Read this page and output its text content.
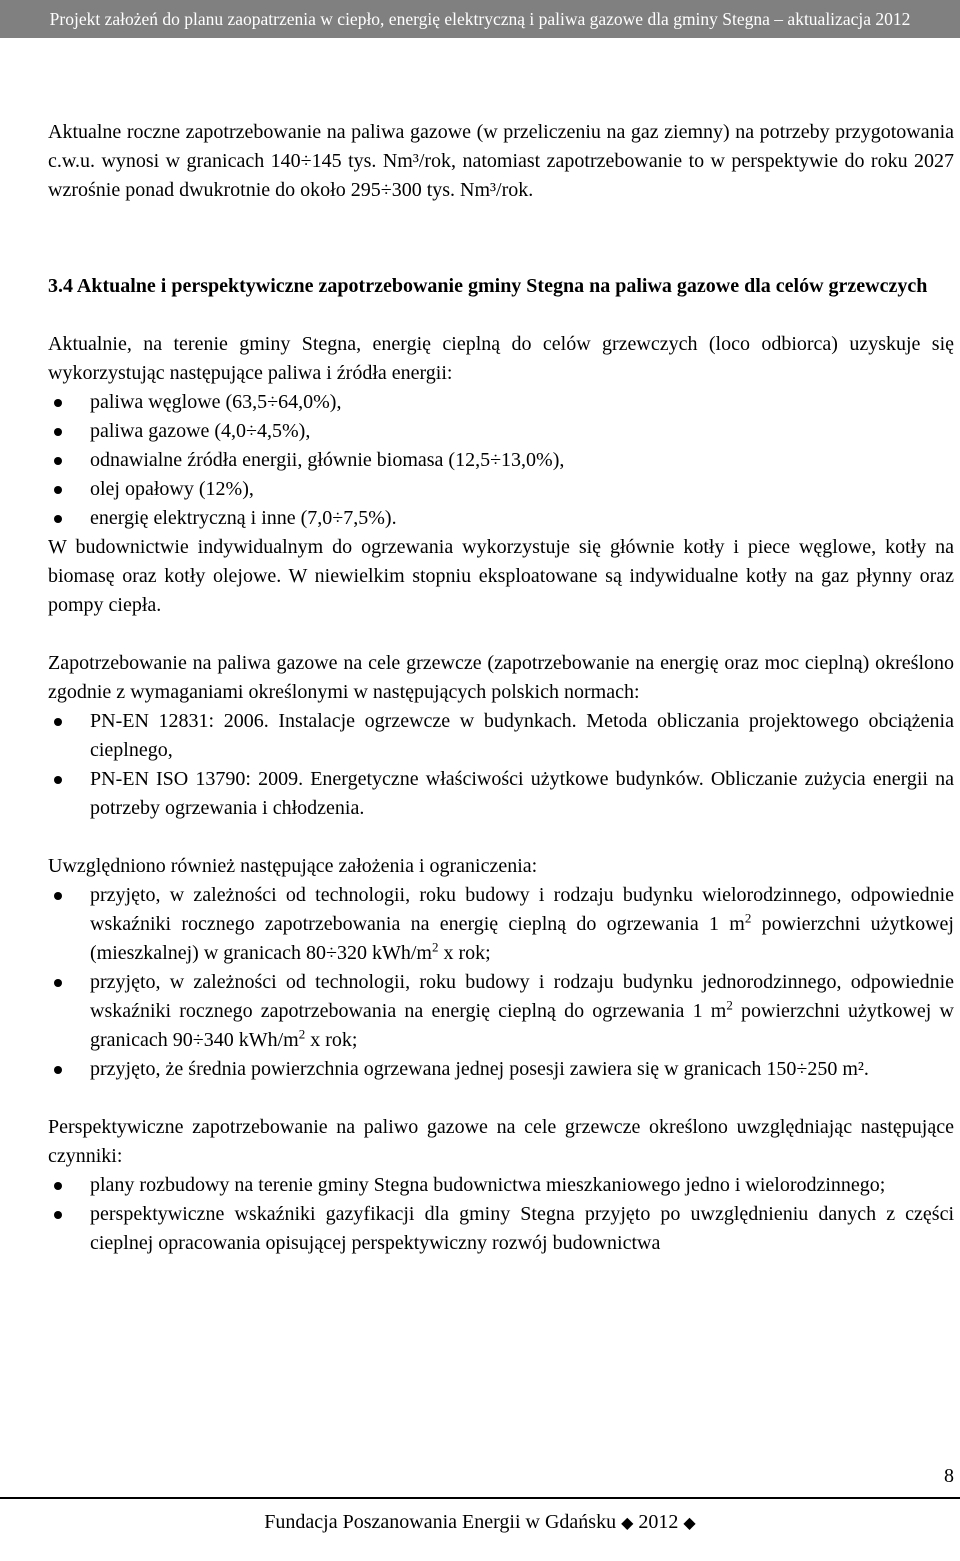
Projekt założeń do planu zaopatrzenia w ciepło, energię elektryczną i paliwa gazowe dla gminy Stegna – aktualizacja 2012

Aktualne roczne zapotrzebowanie na paliwa gazowe (w przeliczeniu na gaz ziemny) na potrzeby przygotowania c.w.u. wynosi w granicach 140÷145 tys. Nm³/rok, natomiast zapotrzebowanie to w perspektywie do roku 2027 wzrośnie ponad dwukrotnie do około 295÷300 tys. Nm³/rok.

3.4 Aktualne i perspektywiczne zapotrzebowanie gminy Stegna na paliwa gazowe dla celów grzewczych

Aktualnie, na terenie gminy Stegna, energię cieplną do celów grzewczych (loco odbiorca) uzyskuje się wykorzystując następujące paliwa i źródła energii:

paliwa węglowe (63,5÷64,0%),
paliwa gazowe (4,0÷4,5%),
odnawialne źródła energii, głównie biomasa (12,5÷13,0%),
olej opałowy (12%),
energię elektryczną i inne (7,0÷7,5%).

W budownictwie indywidualnym do ogrzewania wykorzystuje się głównie kotły i piece węglowe, kotły na biomasę oraz kotły olejowe. W niewielkim stopniu eksploatowane są indywidualne kotły na gaz płynny oraz pompy ciepła.

Zapotrzebowanie na paliwa gazowe na cele grzewcze (zapotrzebowanie na energię oraz moc cieplną) określono zgodnie z wymaganiami określonymi w następujących polskich normach:

PN-EN 12831: 2006. Instalacje ogrzewcze w budynkach. Metoda obliczania projektowego obciążenia cieplnego,
PN-EN ISO 13790: 2009. Energetyczne właściwości użytkowe budynków. Obliczanie zużycia energii na potrzeby ogrzewania i chłodzenia.

Uwzględniono również następujące założenia i ograniczenia:

przyjęto, w zależności od technologii, roku budowy i rodzaju budynku wielorodzinnego, odpowiednie wskaźniki rocznego zapotrzebowania na energię cieplną do ogrzewania 1 $m^2$ powierzchni użytkowej (mieszkalnej) w granicach 80÷320 kWh/$m^2$ x rok;
przyjęto, w zależności od technologii, roku budowy i rodzaju budynku jednorodzinnego, odpowiednie wskaźniki rocznego zapotrzebowania na energię cieplną do ogrzewania 1 $m^2$ powierzchni użytkowej w granicach 90÷340 kWh/$m^2$ x rok;
przyjęto, że średnia powierzchnia ogrzewana jednej posesji zawiera się w granicach 150÷250 m².

Perspektywiczne zapotrzebowanie na paliwo gazowe na cele grzewcze określono uwzględniając następujące czynniki:

plany rozbudowy na terenie gminy Stegna budownictwa mieszkaniowego jedno i wielorodzinnego;
perspektywiczne wskaźniki gazyfikacji dla gminy Stegna przyjęto po uwzględnieniu danych z części cieplnej opracowania opisującej perspektywiczny rozwój budownictwa
8
Fundacja Poszanowania Energii w Gdańsku ◆ 2012 ◆
